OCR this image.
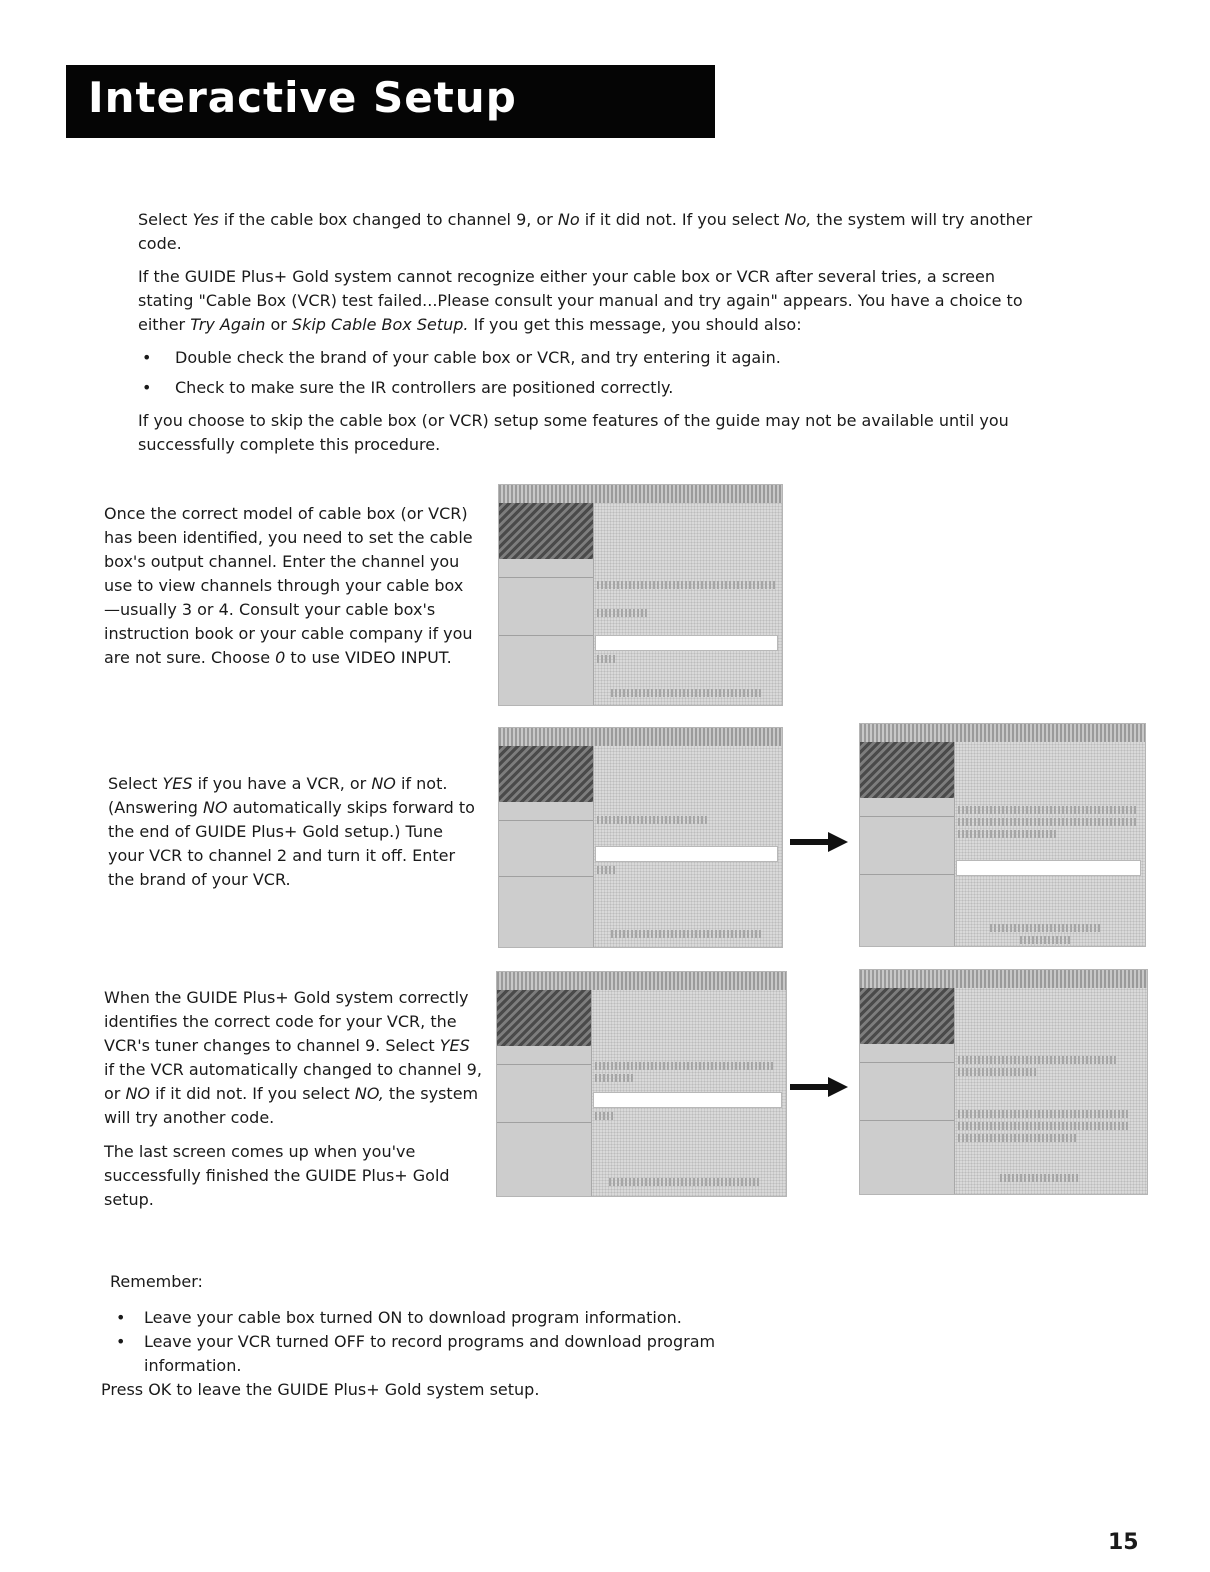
Interactive Setup

Select Yes if the cable box changed to channel 9, or No if it did not. If you select No, the system will try another code.

If the GUIDE Plus+ Gold system cannot recognize either your cable box or VCR after several tries, a screen stating "Cable Box (VCR) test failed...Please consult your manual and try again" appears. You have a choice to either Try Again or Skip Cable Box Setup. If you get this message, you should also:

• Double check the brand of your cable box or VCR, and try entering it again.
• Check to make sure the IR controllers are positioned correctly.

If you choose to skip the cable box (or VCR) setup some features of the guide may not be available until you successfully complete this procedure.

Once the correct model of cable box (or VCR) has been identified, you need to set the cable box's output channel. Enter the channel you use to view channels through your cable box—usually 3 or 4. Consult your cable box's instruction book or your cable company if you are not sure. Choose 0 to use VIDEO INPUT.

Select YES if you have a VCR, or NO if not. (Answering NO automatically skips forward to the end of GUIDE Plus+ Gold setup.) Tune your VCR to channel 2 and turn it off. Enter the brand of your VCR.

When the GUIDE Plus+ Gold system correctly identifies the correct code for your VCR, the VCR's tuner changes to channel 9. Select YES if the VCR automatically changed to channel 9, or NO if it did not. If you select NO, the system will try another code.

The last screen comes up when you've successfully finished the GUIDE Plus+ Gold setup.

Remember:
• Leave your cable box turned ON to download program information.
• Leave your VCR turned OFF to record programs and download program information.
Press OK to leave the GUIDE Plus+ Gold system setup.
15
